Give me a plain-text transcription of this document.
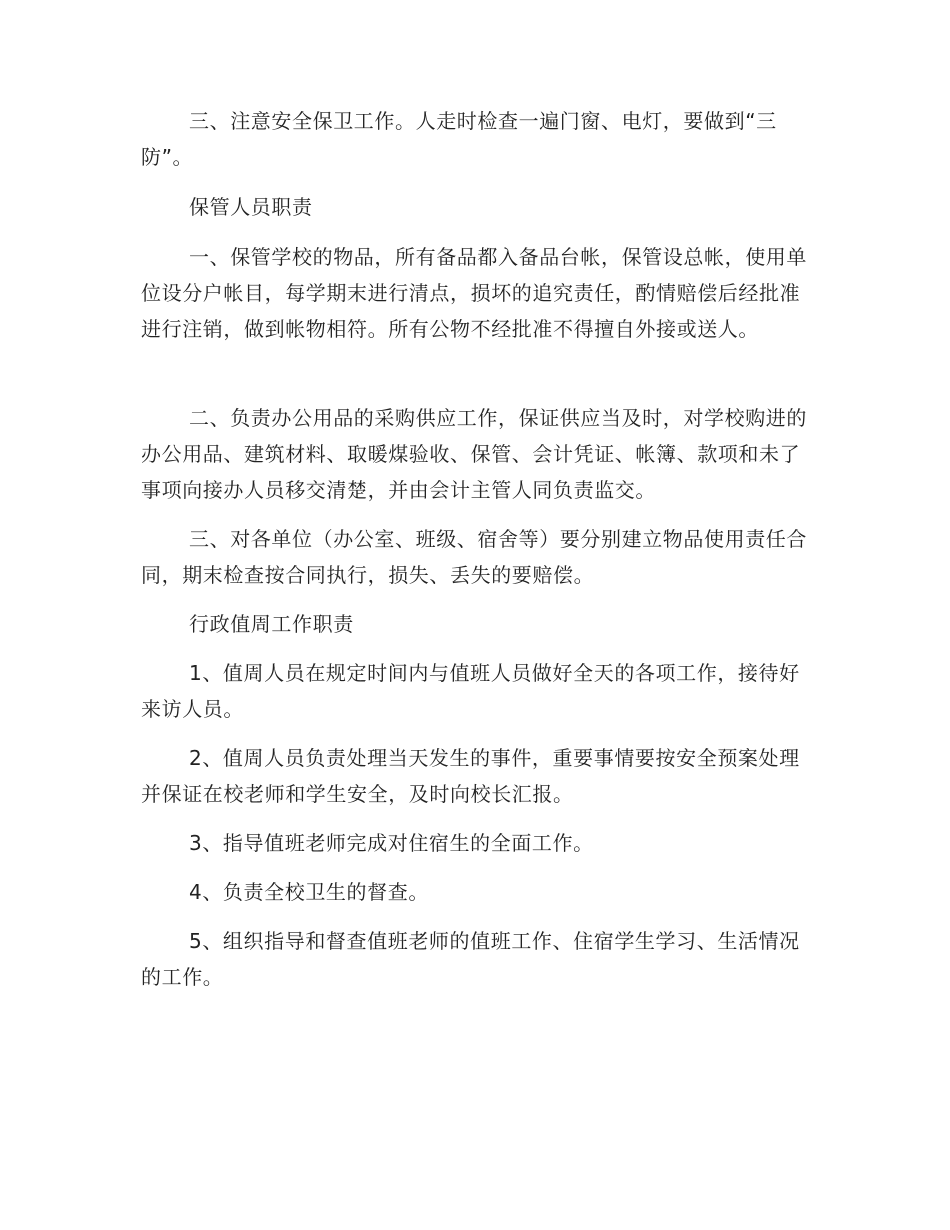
三、注意安全保卫工作。人走时检查一遍门窗、电灯，要做到“三防”。

保管人员职责

一、保管学校的物品，所有备品都入备品台帐，保管设总帐，使用单位设分户帐目，每学期末进行清点，损坏的追究责任，酌情赔偿后经批准进行注销，做到帐物相符。所有公物不经批准不得擅自外接或送人。

二、负责办公用品的采购供应工作，保证供应当及时，对学校购进的办公用品、建筑材料、取暖煤验收、保管、会计凭证、帐簿、款项和未了事项向接办人员移交清楚，并由会计主管人同负责监交。

三、对各单位（办公室、班级、宿舍等）要分别建立物品使用责任合同，期末检查按合同执行，损失、丢失的要赔偿。

行政值周工作职责

1、值周人员在规定时间内与值班人员做好全天的各项工作，接待好来访人员。

2、值周人员负责处理当天发生的事件，重要事情要按安全预案处理并保证在校老师和学生安全，及时向校长汇报。

3、指导值班老师完成对住宿生的全面工作。

4、负责全校卫生的督查。

5、组织指导和督查值班老师的值班工作、住宿学生学习、生活情况的工作。
